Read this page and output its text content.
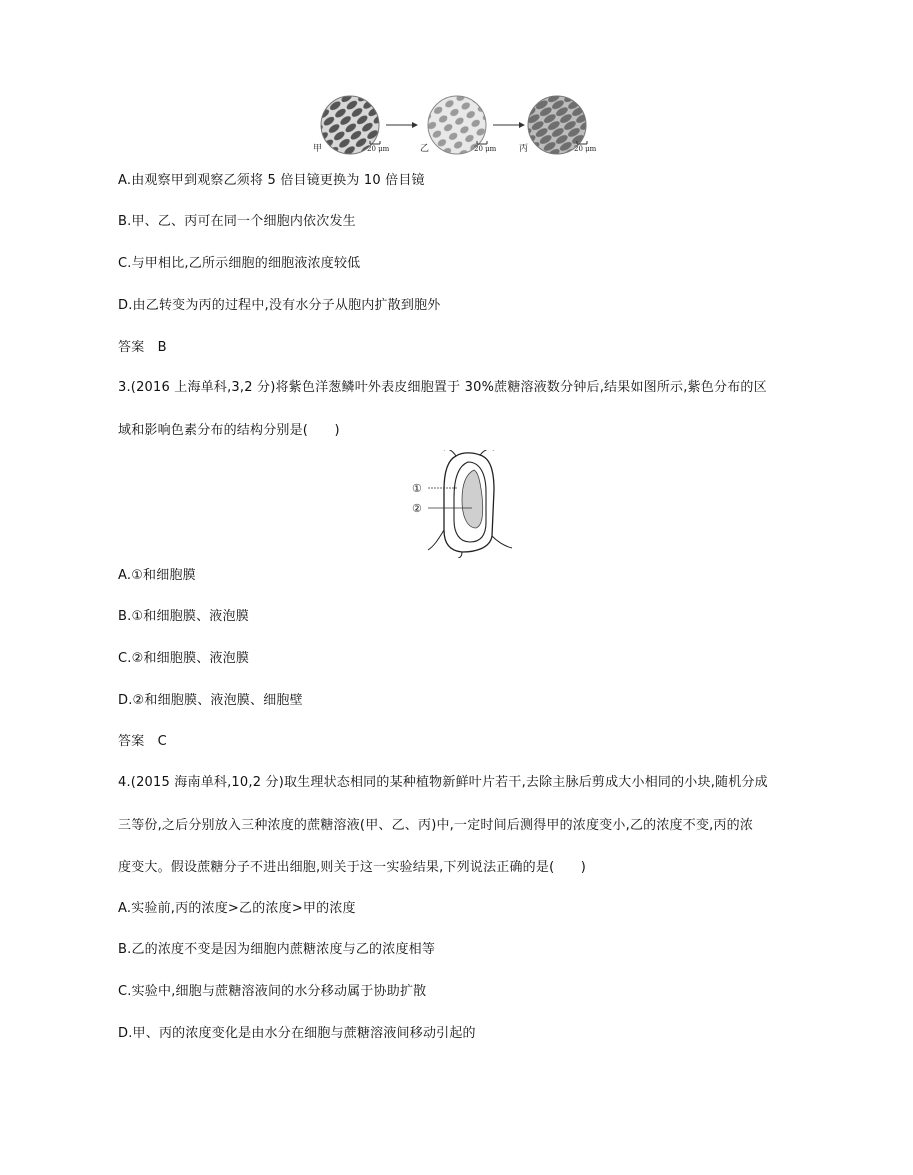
甲	20 μm	乙	20 μm	丙	20 μm
A.由观察甲到观察乙须将 5 倍目镜更换为 10 倍目镜
B.甲、乙、丙可在同一个细胞内依次发生
C.与甲相比,乙所示细胞的细胞液浓度较低
D.由乙转变为丙的过程中,没有水分子从胞内扩散到胞外
答案　B
3.(2016 上海单科,3,2 分)将紫色洋葱鳞叶外表皮细胞置于 30%蔗糖溶液数分钟后,结果如图所示,紫色分布的区
域和影响色素分布的结构分别是(　　)
①
②
A.①和细胞膜
B.①和细胞膜、液泡膜
C.②和细胞膜、液泡膜
D.②和细胞膜、液泡膜、细胞壁
答案　C
4.(2015 海南单科,10,2 分)取生理状态相同的某种植物新鲜叶片若干,去除主脉后剪成大小相同的小块,随机分成
三等份,之后分别放入三种浓度的蔗糖溶液(甲、乙、丙)中,一定时间后测得甲的浓度变小,乙的浓度不变,丙的浓
度变大。假设蔗糖分子不进出细胞,则关于这一实验结果,下列说法正确的是(　　)
A.实验前,丙的浓度>乙的浓度>甲的浓度
B.乙的浓度不变是因为细胞内蔗糖浓度与乙的浓度相等
C.实验中,细胞与蔗糖溶液间的水分移动属于协助扩散
D.甲、丙的浓度变化是由水分在细胞与蔗糖溶液间移动引起的
